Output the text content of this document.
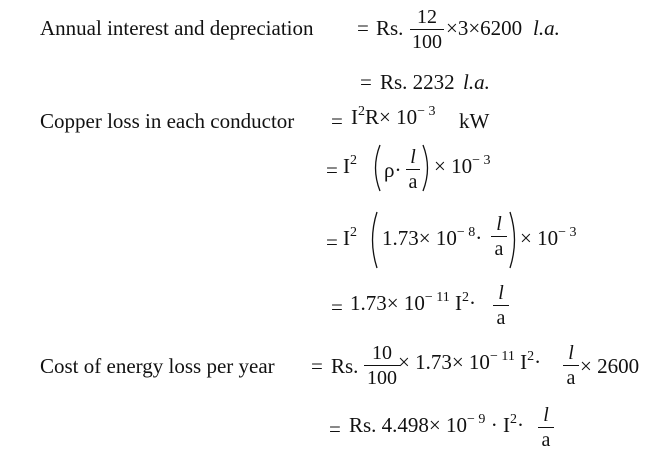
Annual interest and depreciation = Rs. 12
100
×3×6200 l.a.
= Rs. 2232 l.a.
Copper loss in each conductor = $I^2R\times 10^{- 3}$ kW
= $I^2$ ρ·
l
a
× $10^{- 3}$
= $I^2$ $1.73\times 10^{- 8}\cdot$
l
$a \times 10^{- 3}$
= $1.73\times 10^{- 11}$ $I^2\cdot l$
a
Cost of energy loss per year = Rs.
10
100
× $1.73\times 10^{- 11}$ $I^2\cdot l$
a × 2600
= Rs. $4.498\times 10^{- 9} \cdot I^2\cdot l$
a
